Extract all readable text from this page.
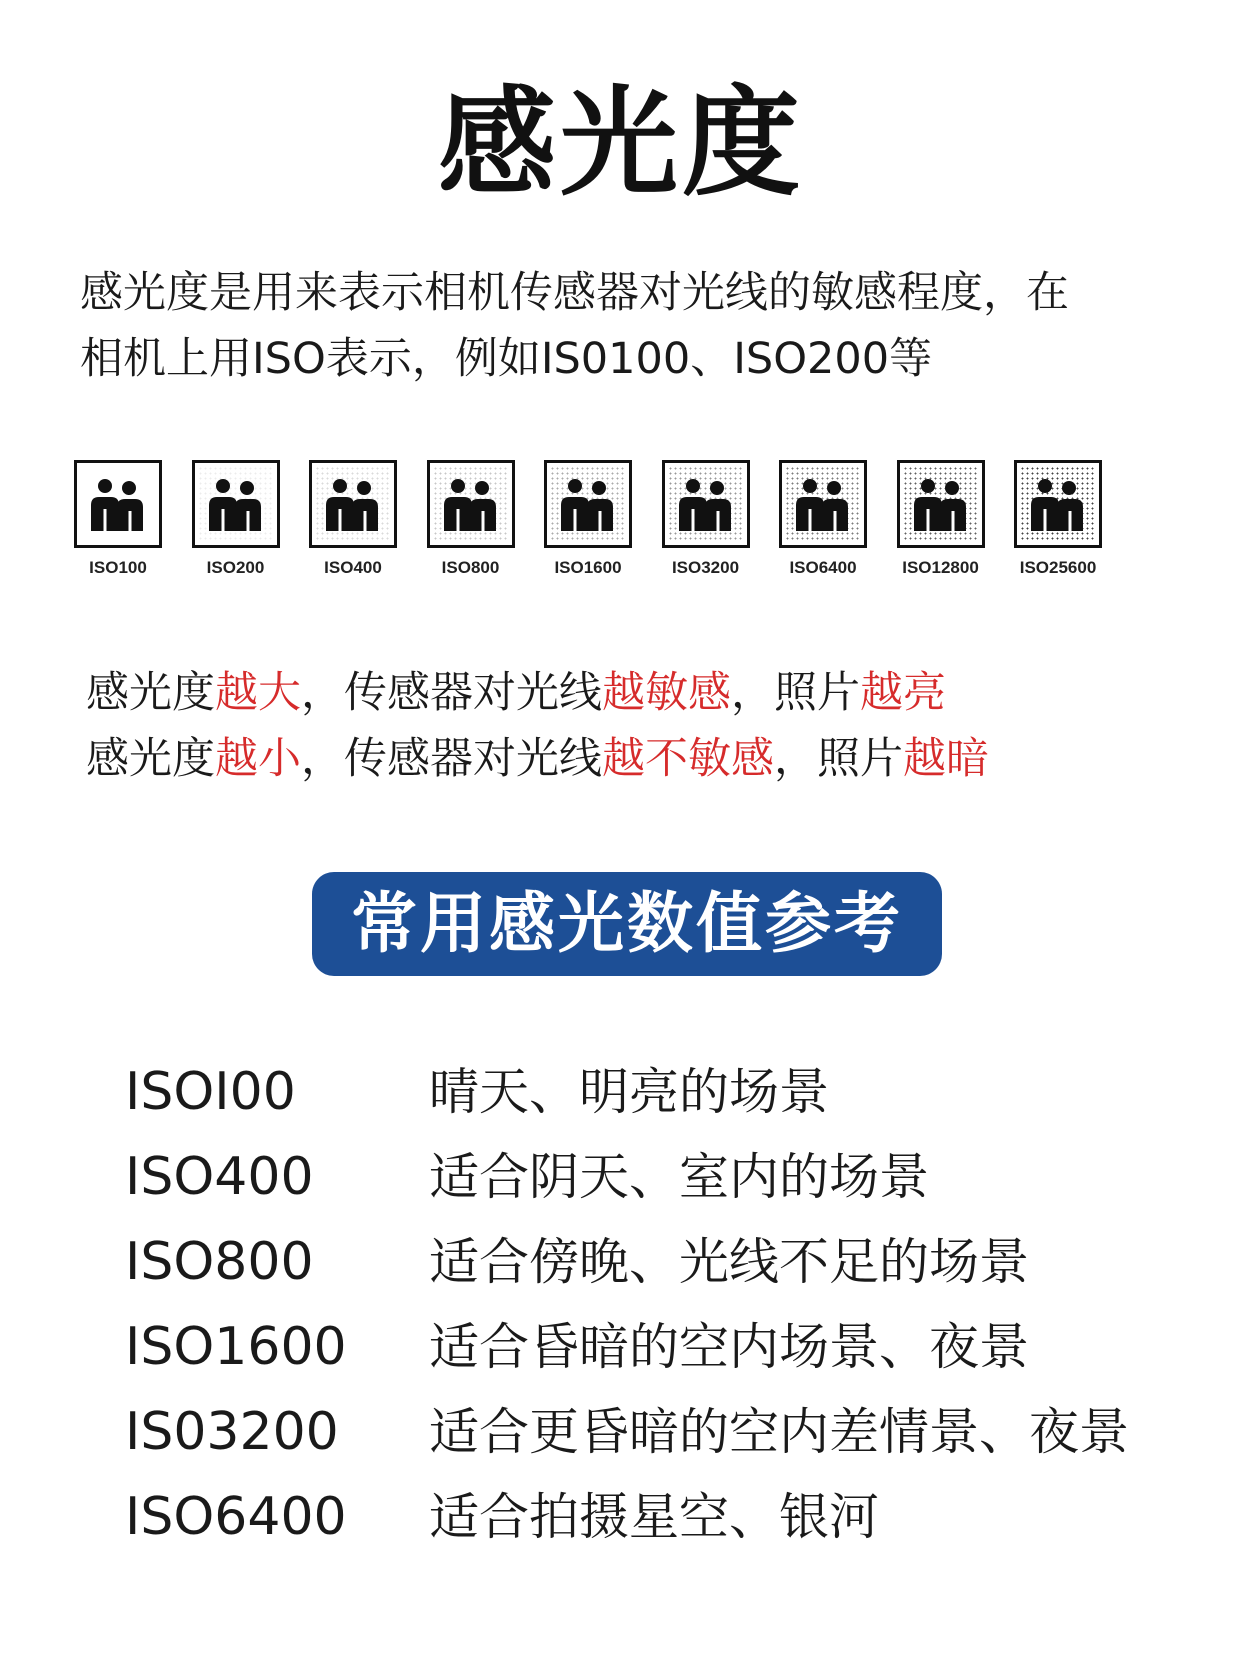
感光度
感光度是用来表示相机传感器对光线的敏感程度，在
相机上用ISO表示，例如IS0100、ISO200等
ISO100	ISO200	ISO400	ISO800	ISO1600	ISO3200	ISO6400	ISO12800	ISO25600
感光度越大，传感器对光线越敏感，照片越亮
感光度越小，传感器对光线越不敏感，照片越暗
常用感光数值参考
ISOI00	晴天、明亮的场景
ISO400 适合阴天、室内的场景
ISO800 适合傍晚、光线不足的场景
ISO1600 适合昏暗的空内场景、夜景
IS03200 适合更昏暗的空内差情景、夜景
ISO6400 适合拍摄星空、银河
